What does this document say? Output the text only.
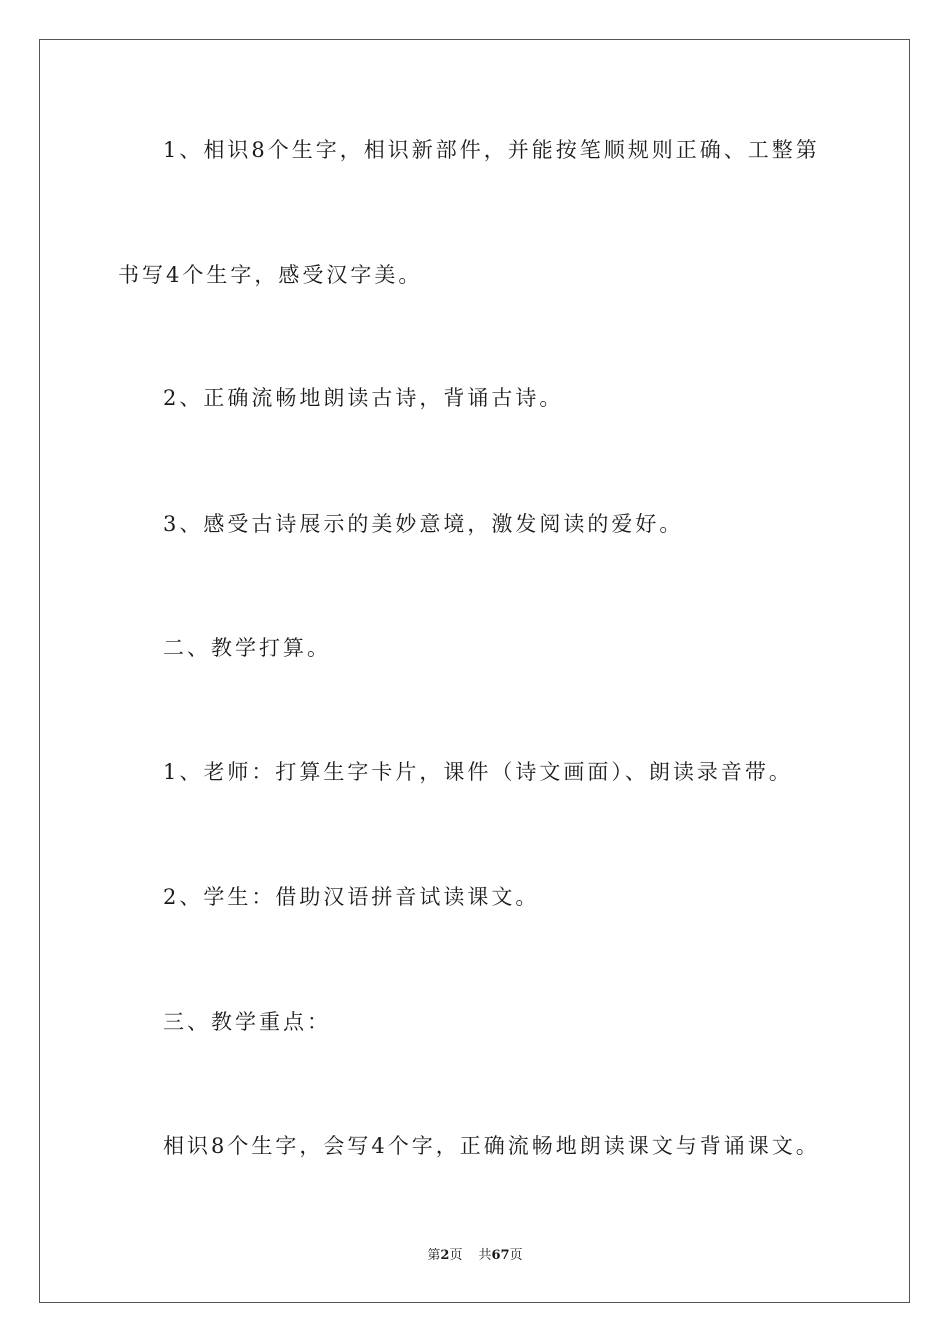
1、相识8个生字，相识新部件，并能按笔顺规则正确、工整第
书写4个生字，感受汉字美。
2、正确流畅地朗读古诗，背诵古诗。
3、感受古诗展示的美妙意境，激发阅读的爱好。
二、教学打算。
1、老师：打算生字卡片，课件（诗文画面）、朗读录音带。
2、学生：借助汉语拼音试读课文。
三、教学重点：
相识8个生字，会写4个字，正确流畅地朗读课文与背诵课文。
第2页 共67页
